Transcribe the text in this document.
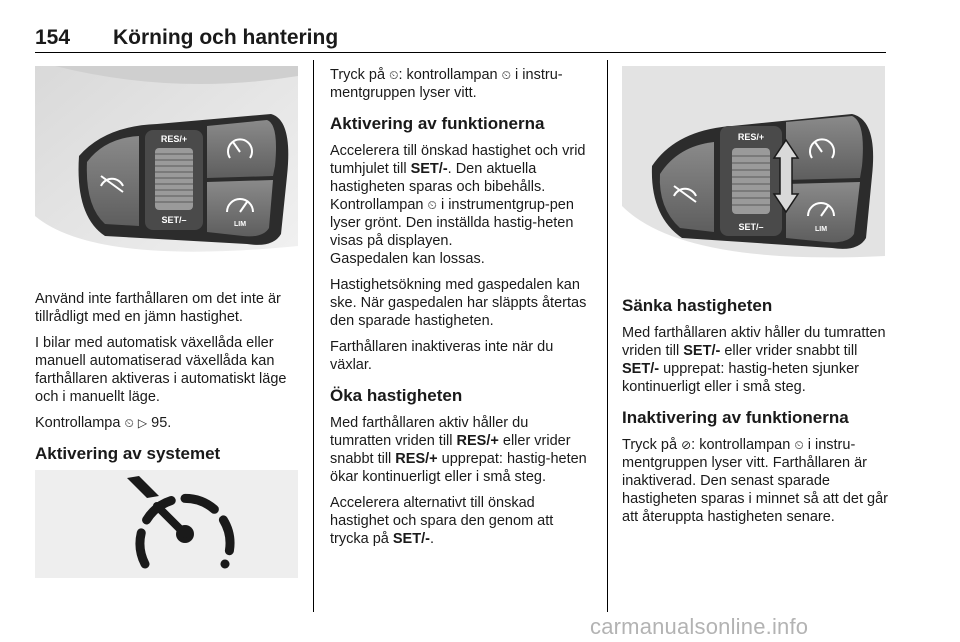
154 Körning och hantering
RES/+
SET/–	LIM

Använd inte farthållaren om det inte är tillrådligt med en jämn hastighet.

I bilar med automatisk växellåda eller manuell automatiserad växellåda kan farthållaren aktiveras i automatiskt läge och i manuellt läge.

Kontrollampa ⏲ ▷ 95.

Aktivering av systemet

Tryck på ⏲: kontrollampan ⏲ i instru-mentgruppen lyser vitt.

Aktivering av funktionerna

Accelerera till önskad hastighet och vrid tumhjulet till SET/-. Den aktuella hastigheten sparas och bibehålls. Kontrollampan ⏲ i instrumentgrup-pen lyser grönt. Den inställda hastig-heten visas på displayen.
Gaspedalen kan lossas.

Hastighetsökning med gaspedalen kan ske. När gaspedalen har släppts återtas den sparade hastigheten.

Farthållaren inaktiveras inte när du växlar.

Öka hastigheten

Med farthållaren aktiv håller du tumratten vriden till RES/+ eller vrider snabbt till RES/+ upprepat: hastig-heten ökar kontinuerligt eller i små steg.

Accelerera alternativt till önskad hastighet och spara den genom att trycka på SET/-.

RES/+
SET/–	LIM
Sänka hastigheten

Med farthållaren aktiv håller du tumratten vriden till SET/- eller vrider snabbt till SET/- upprepat: hastig-heten sjunker kontinuerligt eller i små steg.

Inaktivering av funktionerna

Tryck på ⊘: kontrollampan ⏲ i instru-mentgruppen lyser vitt. Farthållaren är inaktiverad. Den senast sparade hastigheten sparas i minnet så att det går att återuppta hastigheten senare.

carmanualsonline.info
